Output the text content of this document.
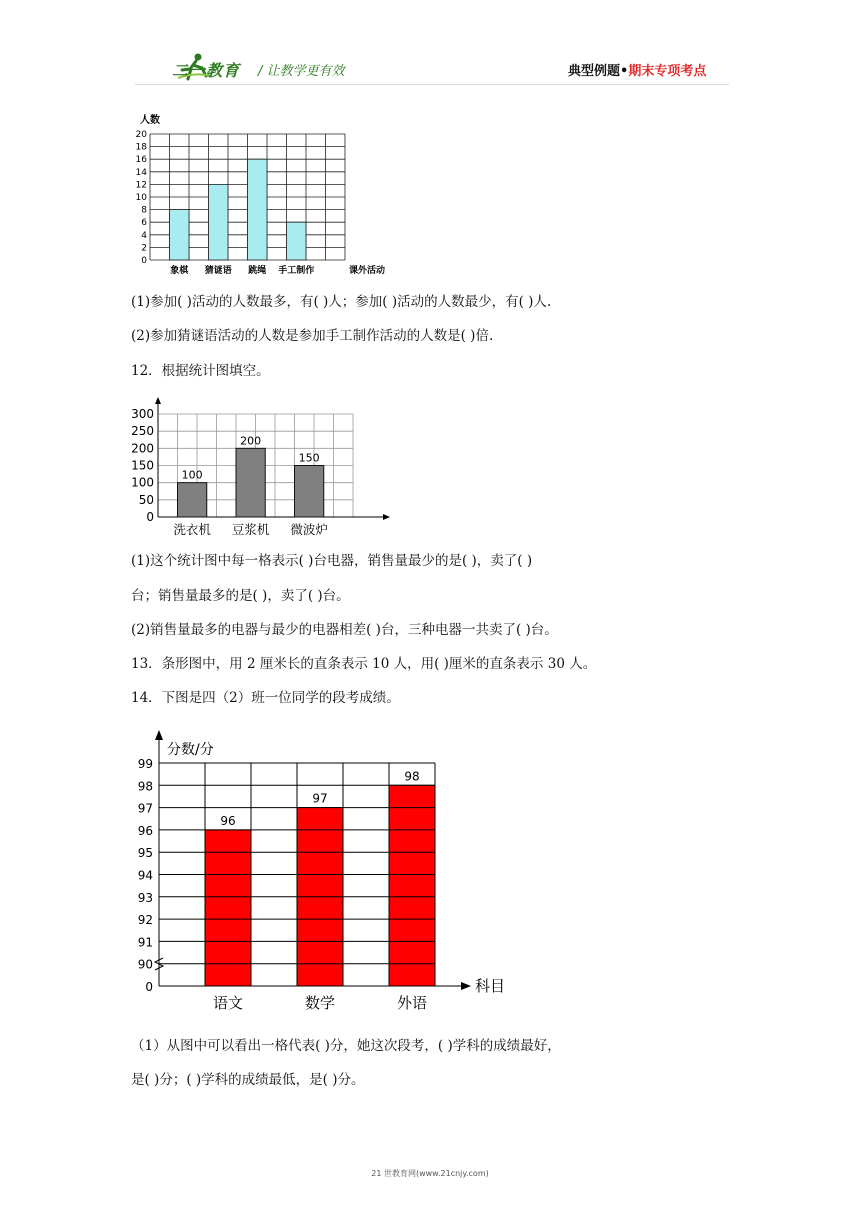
二一教育 / 让教学更有效	典型例题•期末专项考点
0
2
4
6
8
10
12
14
16
18
20
人数
象棋 猜谜语 跳绳 手工制作	课外活动
(1)参加( )活动的人数最多，有( )人；参加( )活动的人数最少，有( )人.
(2)参加猜谜语活动的人数是参加手工制作活动的人数是( )倍.
12．根据统计图填空。
0
50
100
150
200
250
300
100
洗衣机
200
豆浆机
150
微波炉
(1)这个统计图中每一格表示( )台电器，销售量最少的是( )，卖了( )
台；销售量最多的是( )，卖了( )台。
(2)销售量最多的电器与最少的电器相差( )台，三种电器一共卖了( )台。
13．条形图中，用 2 厘米长的直条表示 10 人，用( )厘米的直条表示 30 人。
14．下图是四（2）班一位同学的段考成绩。
分数/分
0
90
91
92
93
94
95
96
97
98
99
96
语文
97
数学
98
外语
科目
（1）从图中可以看出一格代表( )分，她这次段考，( )学科的成绩最好，
是( )分；( )学科的成绩最低，是( )分。
21 世教育网(www.21cnjy.com)
